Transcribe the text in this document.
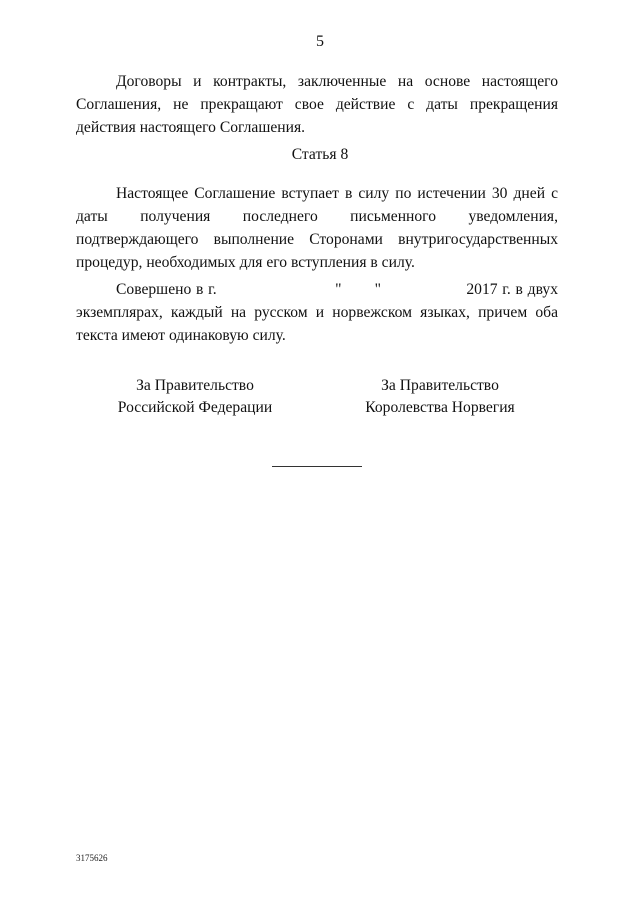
5

Договоры и контракты, заключенные на основе настоящего Соглашения, не прекращают свое действие с даты прекращения действия настоящего Соглашения.

Статья 8

Настоящее Соглашение вступает в силу по истечении 30 дней с даты получения последнего письменного уведомления, подтверждающего выполнение Сторонами внутригосударственных процедур, необходимых для его вступления в силу.

Совершено в г.	" "	2017 г. в двух экземплярах, каждый на русском и норвежском языках, причем оба текста имеют одинаковую силу.

За Правительство
Российской Федерации
За Правительство
Королевства Норвегия
3175626
